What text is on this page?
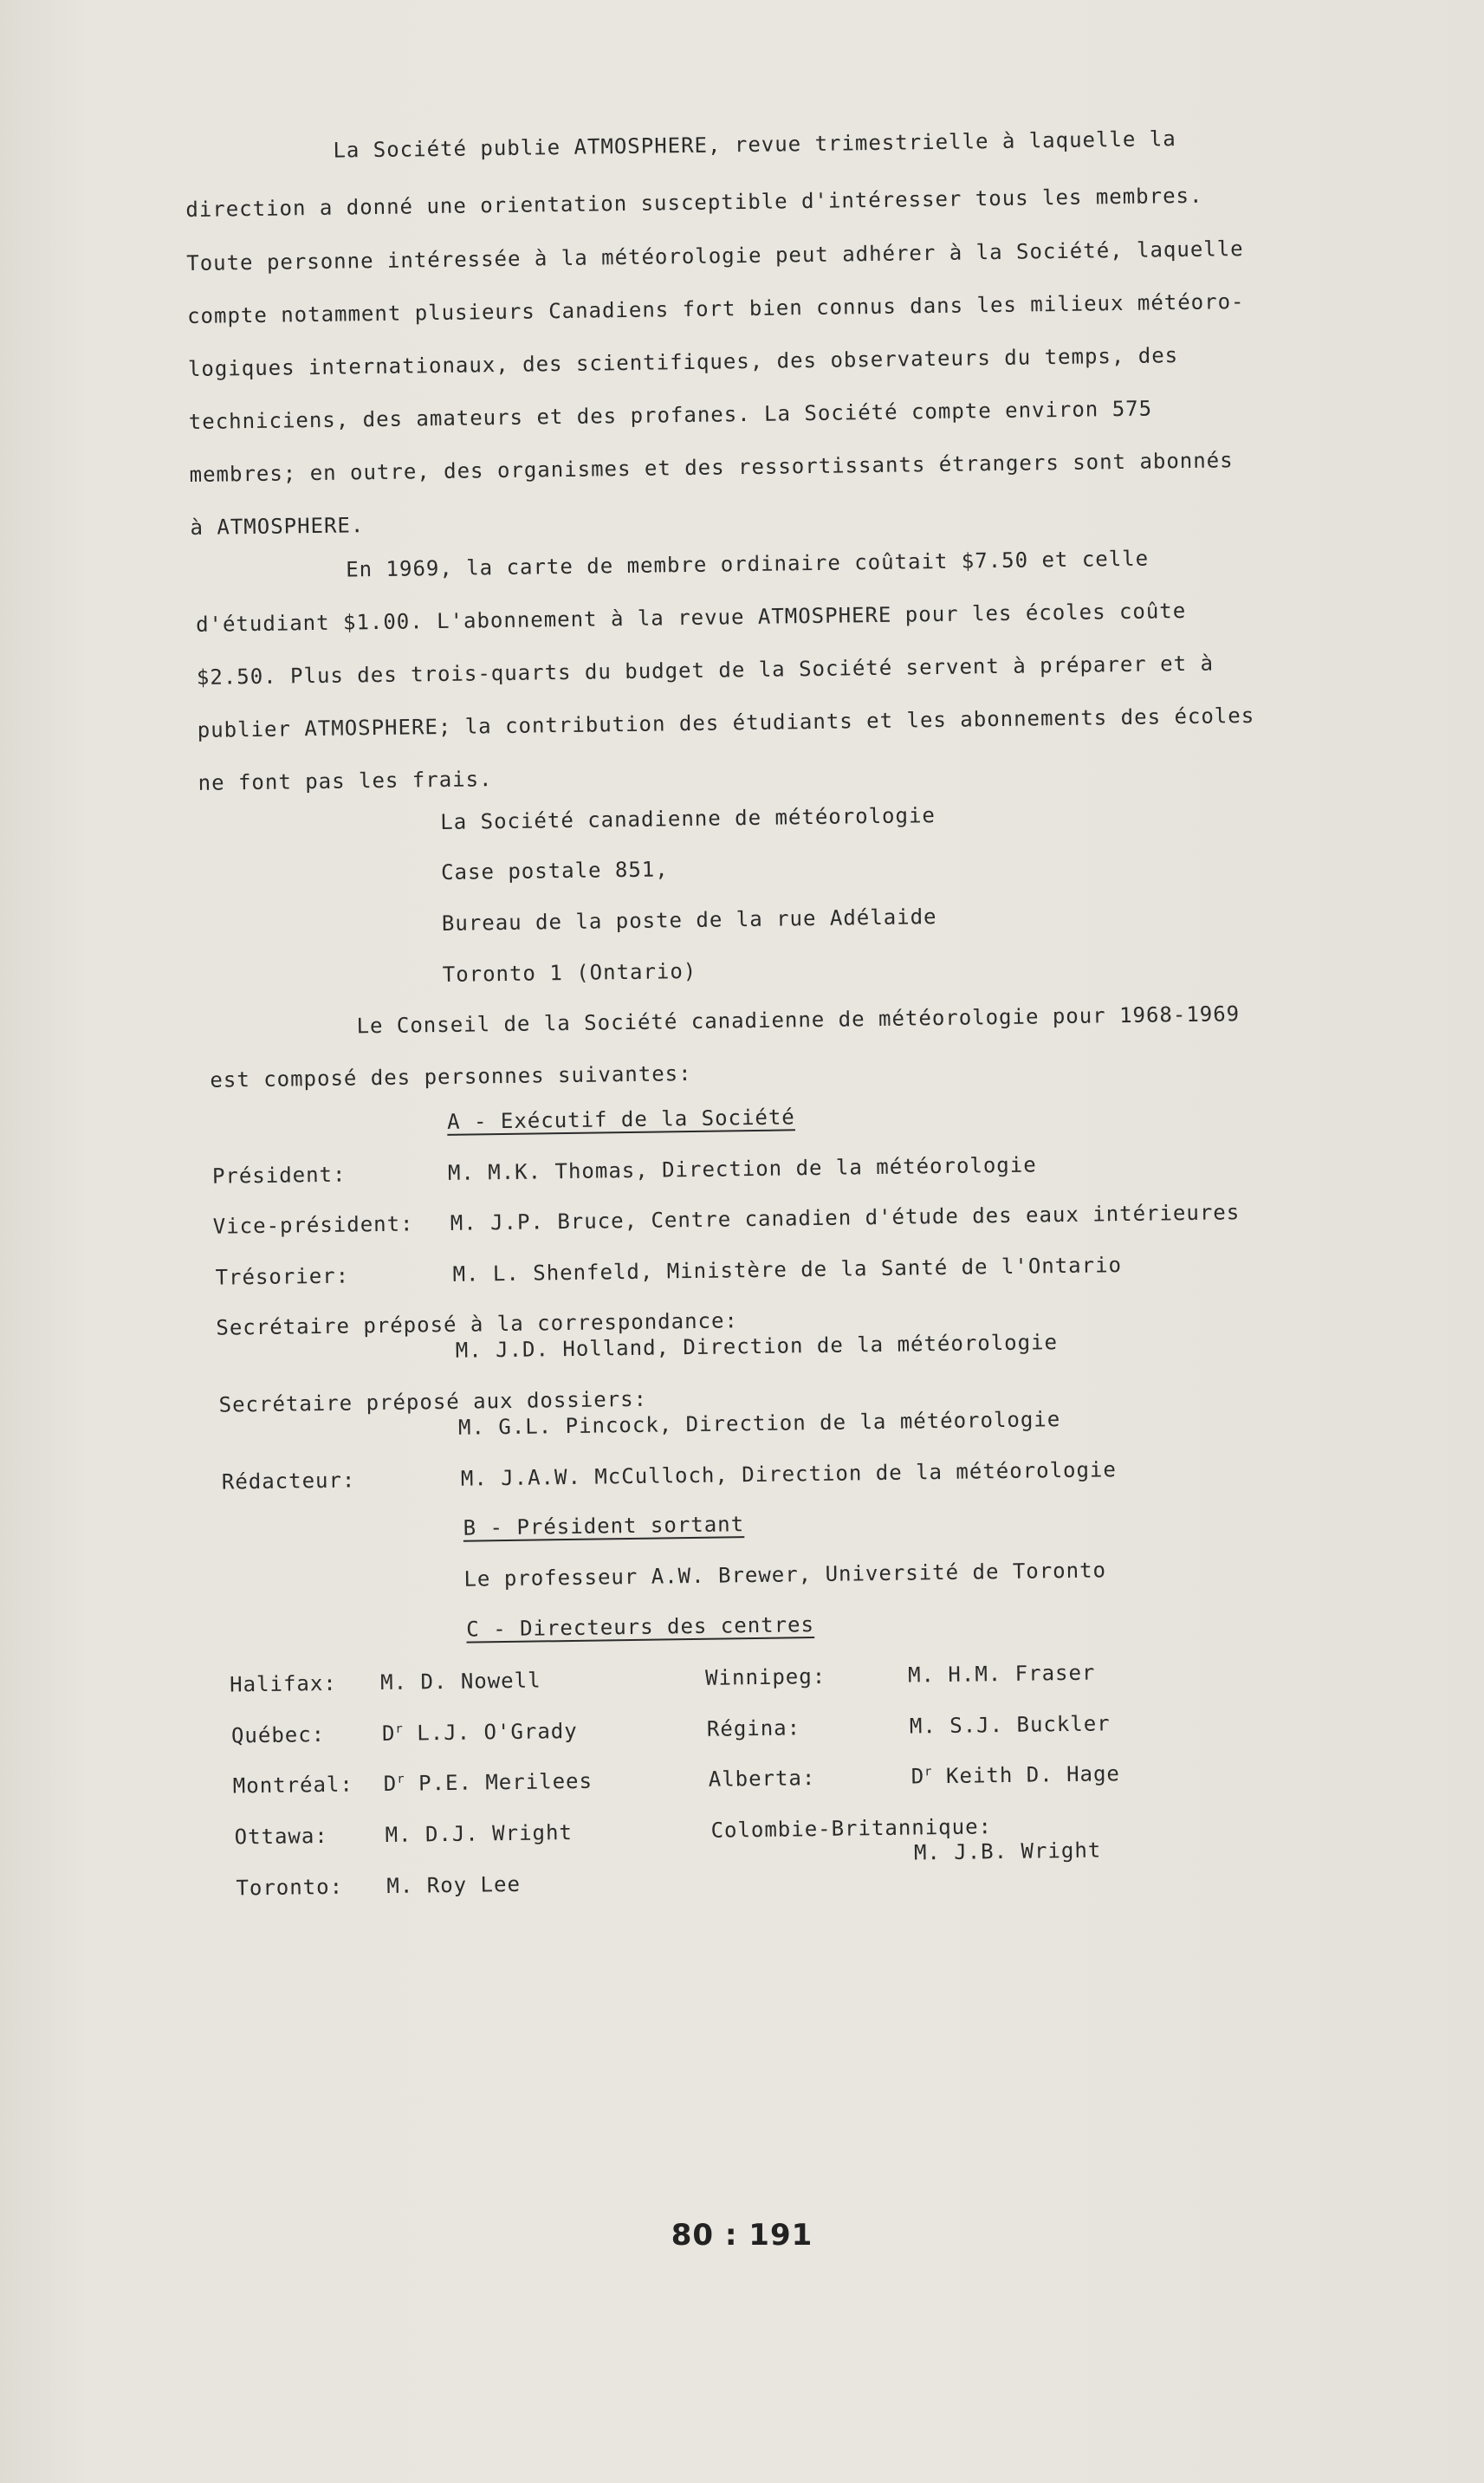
La Société publie ATMOSPHERE, revue trimestrielle à laquelle la
direction a donné une orientation susceptible d'intéresser tous les membres.
Toute personne intéressée à la météorologie peut adhérer à la Société, laquelle
compte notamment plusieurs Canadiens fort bien connus dans les milieux météoro-
logiques internationaux, des scientifiques, des observateurs du temps, des
techniciens, des amateurs et des profanes. La Société compte environ 575
membres; en outre, des organismes et des ressortissants étrangers sont abonnés
à ATMOSPHERE.
En 1969, la carte de membre ordinaire coûtait $7.50 et celle
d'étudiant $1.00. L'abonnement à la revue ATMOSPHERE pour les écoles coûte
$2.50. Plus des trois-quarts du budget de la Société servent à préparer et à
publier ATMOSPHERE; la contribution des étudiants et les abonnements des écoles
ne font pas les frais.
La Société canadienne de météorologie
Case postale 851,
Bureau de la poste de la rue Adélaide
Toronto 1 (Ontario)
Le Conseil de la Société canadienne de météorologie pour 1968-1969
est composé des personnes suivantes:
A - Exécutif de la Société
Président:	M. M.K. Thomas, Direction de la météorologie
Vice-président: M. J.P. Bruce, Centre canadien d'étude des eaux intérieures
Trésorier:	M. L. Shenfeld, Ministère de la Santé de l'Ontario
Secrétaire préposé à la correspondance:
M. J.D. Holland, Direction de la météorologie
Secrétaire préposé aux dossiers:
M. G.L. Pincock, Direction de la météorologie
Rédacteur:	M. J.A.W. McCulloch, Direction de la météorologie
B - Président sortant
Le professeur A.W. Brewer, Université de Toronto
C - Directeurs des centres
Halifax: M. D. Nowell
Québec:	$D^r$ L.J. O'Grady
Montréal: $D^r$ P.E. Merilees
Ottawa:	M. D.J. Wright
Toronto: M. Roy Lee
Winnipeg:	M. H.M. Fraser
Régina:	M. S.J. Buckler
Alberta:	$D^r$ Keith D. Hage
Colombie-Britannique:
M. J.B. Wright
80 : 191
